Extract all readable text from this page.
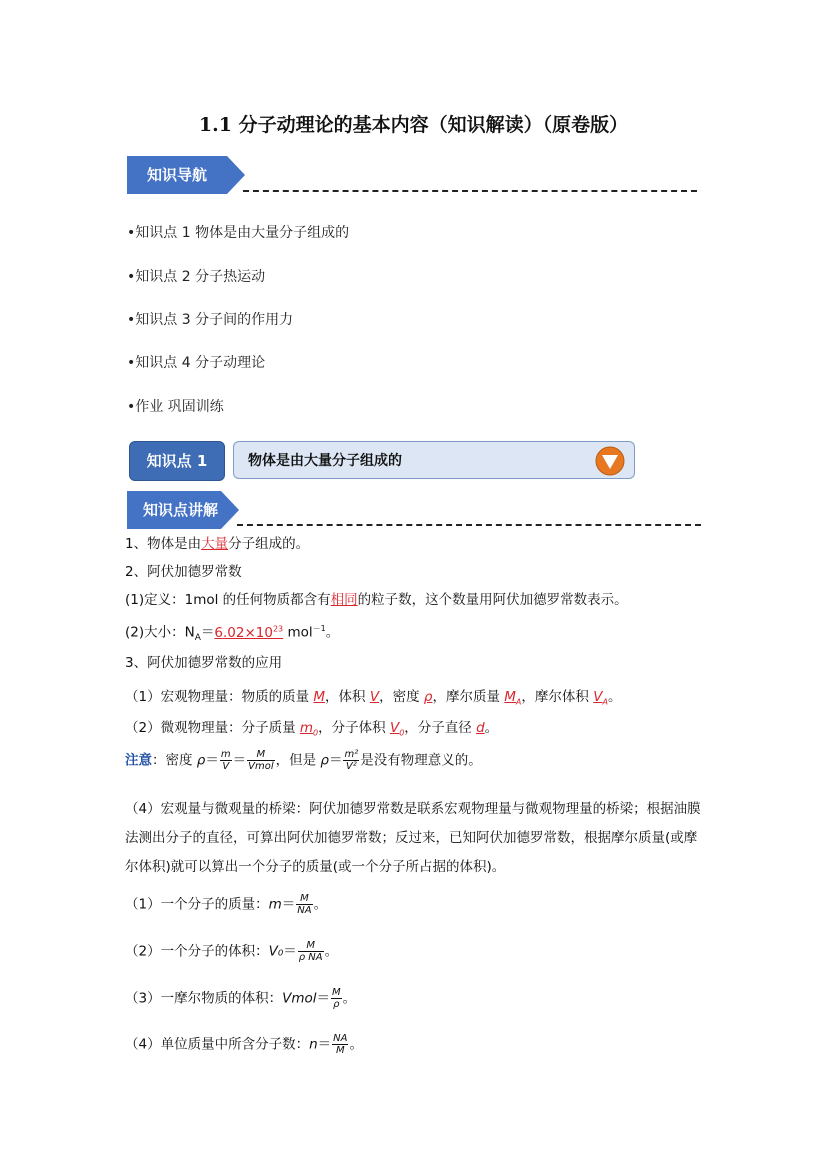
1.1 分子动理论的基本内容（知识解读）（原卷版）
知识导航
•知识点 1 物体是由大量分子组成的
•知识点 2 分子热运动
•知识点 3 分子间的作用力
•知识点 4 分子动理论
•作业 巩固训练
知识点 1	物体是由大量分子组成的
知识点讲解
1、物体是由大量分子组成的。
2、阿伏加德罗常数
(1)定义：1mol 的任何物质都含有相同的粒子数，这个数量用阿伏加德罗常数表示。
(2)大小：$N_A=6.02\times 10^{23}$ mol$^{-1}$。
3、阿伏加德罗常数的应用
（1）宏观物理量：物质的质量 M，体积 V，密度 ρ，摩尔质量 $M_A$，摩尔体积 $V_A$。
（2）微观物理量：分子质量 $m_0$，分子体积 $V_0$，分子直径 d。
注意：密度 $\rho= \frac{m}{V} = \frac{M}{\text{Vmol}}$ ，但是 $\rho= \frac{\text{m²}}{\text{V²}}$ 是没有物理意义的。
（4）宏观量与微观量的桥梁：阿伏加德罗常数是联系宏观物理量与微观物理量的桥梁；根据油膜法测出分子的直径，可算出阿伏加德罗常数；反过来，已知阿伏加德罗常数，根据摩尔质量(或摩尔体积)就可以算出一个分子的质量(或一个分子所占据的体积)。
（1）一个分子的质量：$m= \frac{M}{NA}$ 。
（2）一个分子的体积：$V_0= \frac{M}{\text{ρ NA}}$ 。
（3）一摩尔物质的体积：Vmol＝ $\frac{M}{\rho}$ 。
（4）单位质量中所含分子数：$n= \frac{NA}{M}$ 。
